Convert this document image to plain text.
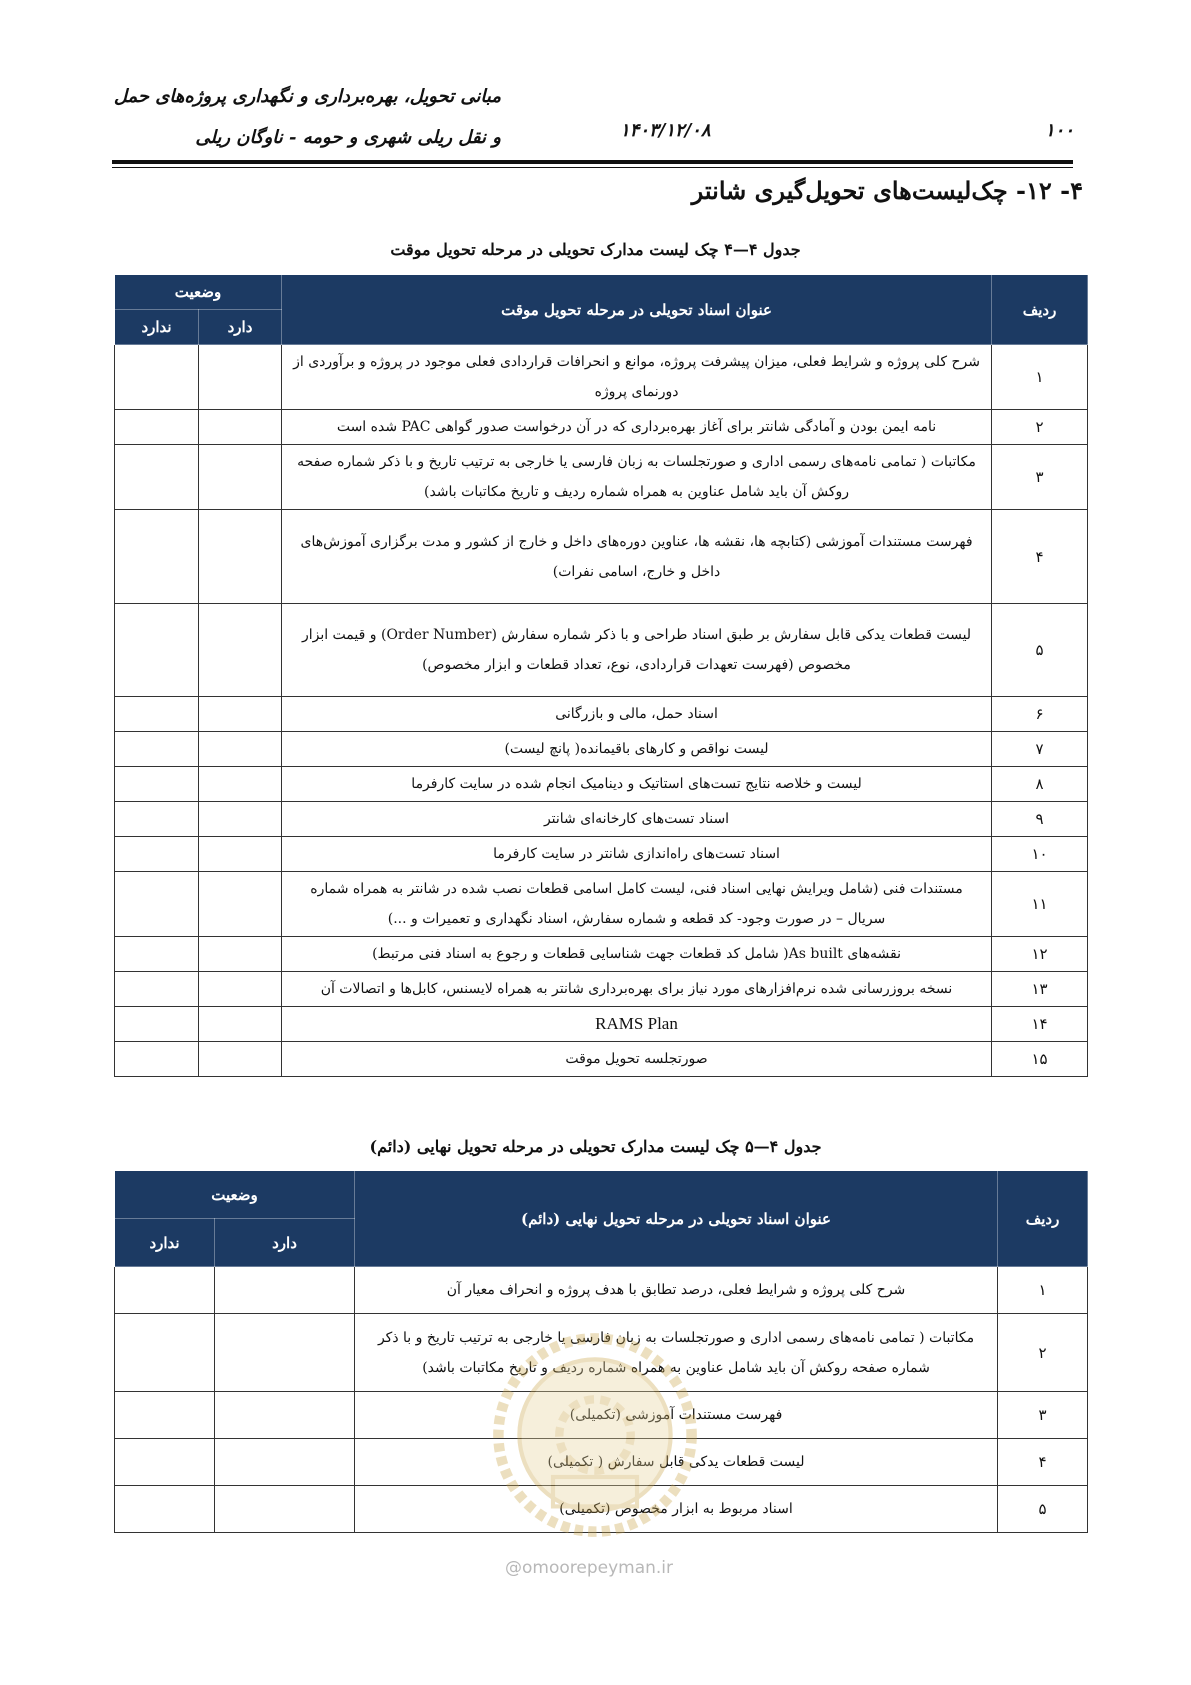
مبانی تحویل، بهره‌برداری و نگهداری پروژه‌های حمل
و نقل ریلی شهری و حومه - ناوگان ریلی	۱۴۰۳/۱۲/۰۸	۱۰۰
۴- ۱۲- چک‌لیست‌های تحویل‌گیری شانتر
جدول ۴—۴ چک لیست مدارک تحویلی در مرحله تحویل موقت
ردیف	عنوان اسناد تحویلی در مرحله تحویل موقت	وضعیت	
		دارد	ندارد
۱	شرح کلی پروژه و شرایط فعلی، میزان پیشرفت پروژه، موانع و انحرافات قراردادی فعلی موجود در پروژه و برآوردی از دورنمای پروژه		
۲	نامه ایمن بودن و آمادگی شانتر برای آغاز بهره‌برداری که در آن درخواست صدور گواهی PAC شده است		
۳	مکاتبات ( تمامی نامه‌های رسمی اداری و صورتجلسات به زبان فارسی یا خارجی به ترتیب تاریخ و با ذکر شماره صفحه روکش آن باید شامل عناوین به همراه شماره ردیف و تاریخ مکاتبات باشد)		
۴	فهرست مستندات آموزشی (کتابچه ها، نقشه ها، عناوین دوره‌های داخل و خارج از کشور و مدت برگزاری آموزش‌های داخل و خارج، اسامی نفرات)		
۵	لیست قطعات یدکی قابل سفارش بر طبق اسناد طراحی و با ذکر شماره سفارش (Order Number) و قیمت ابزار مخصوص (فهرست تعهدات قراردادی، نوع، تعداد قطعات و ابزار مخصوص)		
۶	اسناد حمل، مالی و بازرگانی		
۷	لیست نواقص و کارهای باقیمانده( پانچ لیست)		
۸	لیست و خلاصه نتایج تست‌های استاتیک و دینامیک انجام شده در سایت کارفرما		
۹	اسناد تست‌های کارخانه‌ای شانتر		
۱۰	اسناد تست‌های راه‌اندازی شانتر در سایت کارفرما		
۱۱	مستندات فنی (شامل ویرایش نهایی اسناد فنی، لیست کامل اسامی قطعات نصب شده در شانتر به همراه شماره سریال – در صورت وجود- کد قطعه و شماره سفارش، اسناد نگهداری و تعمیرات و ...)		
۱۲	نقشه‌های As built( شامل کد قطعات جهت شناسایی قطعات و رجوع به اسناد فنی مرتبط)		
۱۳	نسخه بروزرسانی شده نرم‌افزارهای مورد نیاز برای بهره‌برداری شانتر به همراه لایسنس، کابل‌ها و اتصالات آن		
۱۴	RAMS Plan		
۱۵	صورتجلسه تحویل موقت		
جدول ۴—۵ چک لیست مدارک تحویلی در مرحله تحویل نهایی (دائم)
ردیف	عنوان اسناد تحویلی در مرحله تحویل نهایی (دائم)	وضعیت	
		دارد	ندارد
۱	شرح کلی پروژه و شرایط فعلی، درصد تطابق با هدف پروژه و انحراف معیار آن		
۲	مکاتبات ( تمامی نامه‌های رسمی اداری و صورتجلسات به زبان فارسی یا خارجی به ترتیب تاریخ و با ذکر شماره صفحه روکش آن باید شامل عناوین به همراه شماره ردیف و تاریخ مکاتبات باشد)		
۳	فهرست مستندات آموزشی (تکمیلی)		
۴	لیست قطعات یدکی قابل سفارش ( تکمیلی)		
۵	اسناد مربوط به ابزار مخصوص (تکمیلی)		
@omoorepeyman.ir
